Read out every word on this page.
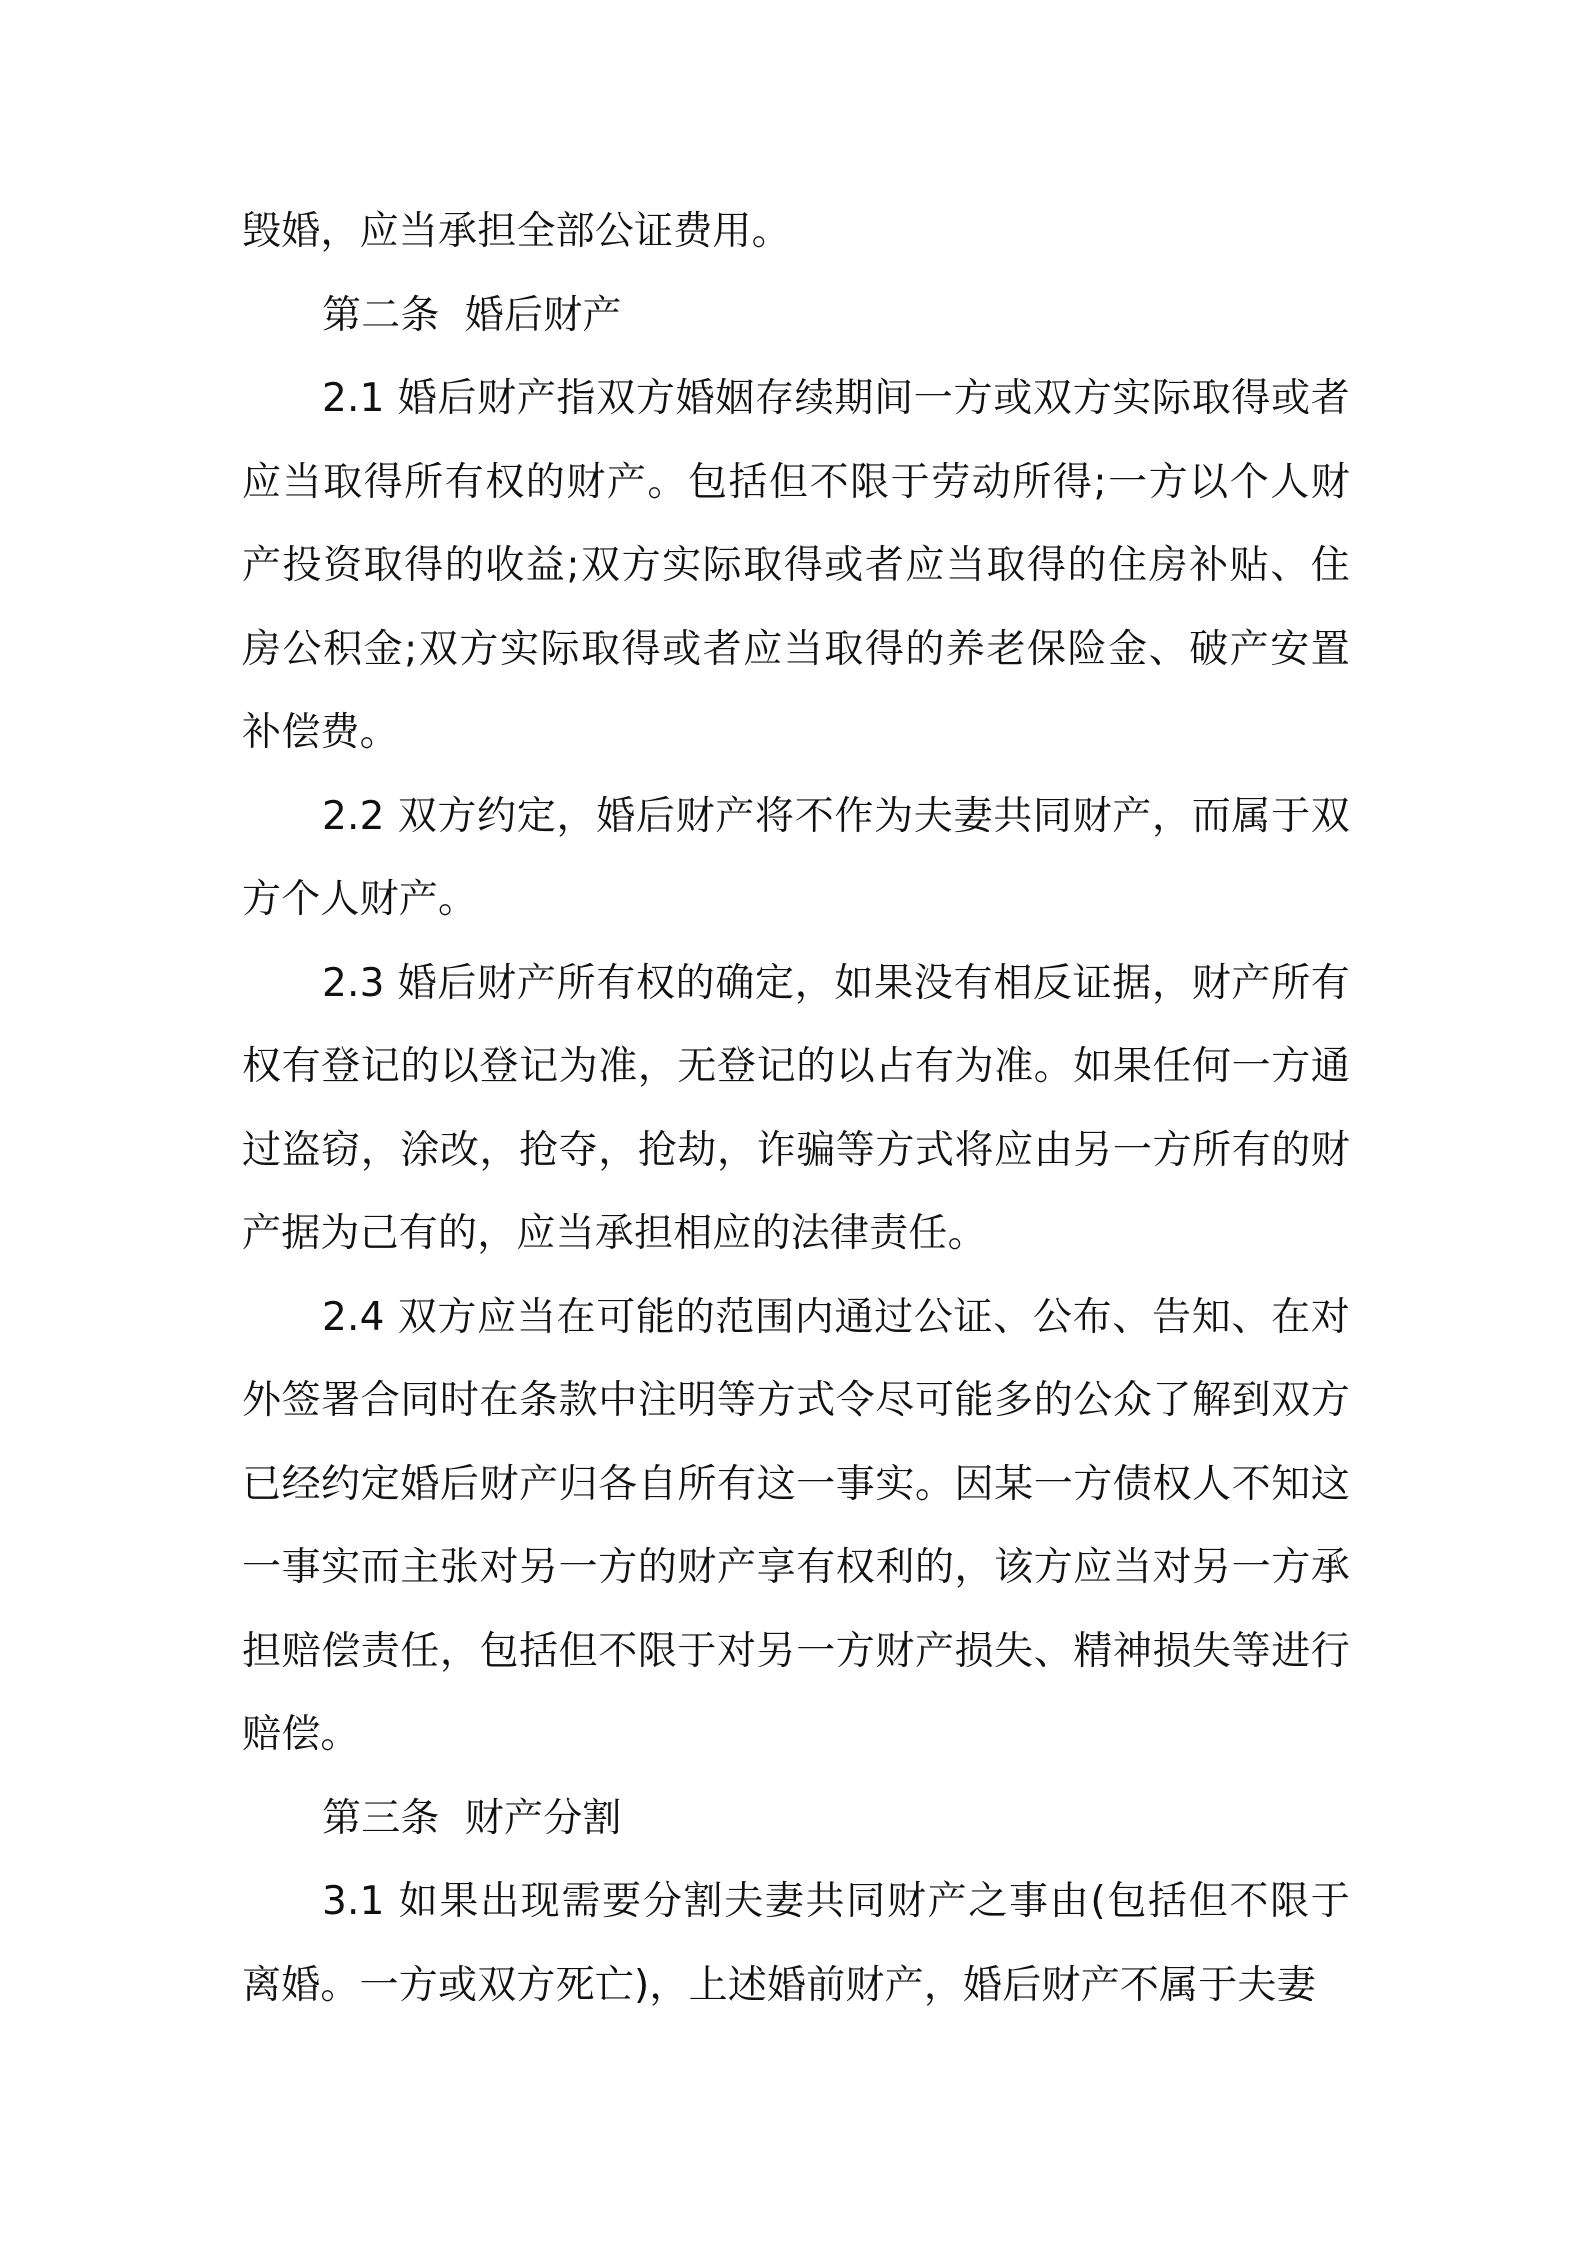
毁婚，应当承担全部公证费用。

第二条  婚后财产

2.1 婚后财产指双方婚姻存续期间一方或双方实际取得或者应当取得所有权的财产。包括但不限于劳动所得;一方以个人财产投资取得的收益;双方实际取得或者应当取得的住房补贴、住房公积金;双方实际取得或者应当取得的养老保险金、破产安置补偿费。

2.2 双方约定，婚后财产将不作为夫妻共同财产，而属于双方个人财产。

2.3 婚后财产所有权的确定，如果没有相反证据，财产所有权有登记的以登记为准，无登记的以占有为准。如果任何一方通过盗窃，涂改，抢夺，抢劫，诈骗等方式将应由另一方所有的财产据为己有的，应当承担相应的法律责任。

2.4 双方应当在可能的范围内通过公证、公布、告知、在对外签署合同时在条款中注明等方式令尽可能多的公众了解到双方已经约定婚后财产归各自所有这一事实。因某一方债权人不知这一事实而主张对另一方的财产享有权利的，该方应当对另一方承担赔偿责任，包括但不限于对另一方财产损失、精神损失等进行赔偿。

第三条  财产分割

3.1 如果出现需要分割夫妻共同财产之事由(包括但不限于离婚。一方或双方死亡)，上述婚前财产，婚后财产不属于夫妻
